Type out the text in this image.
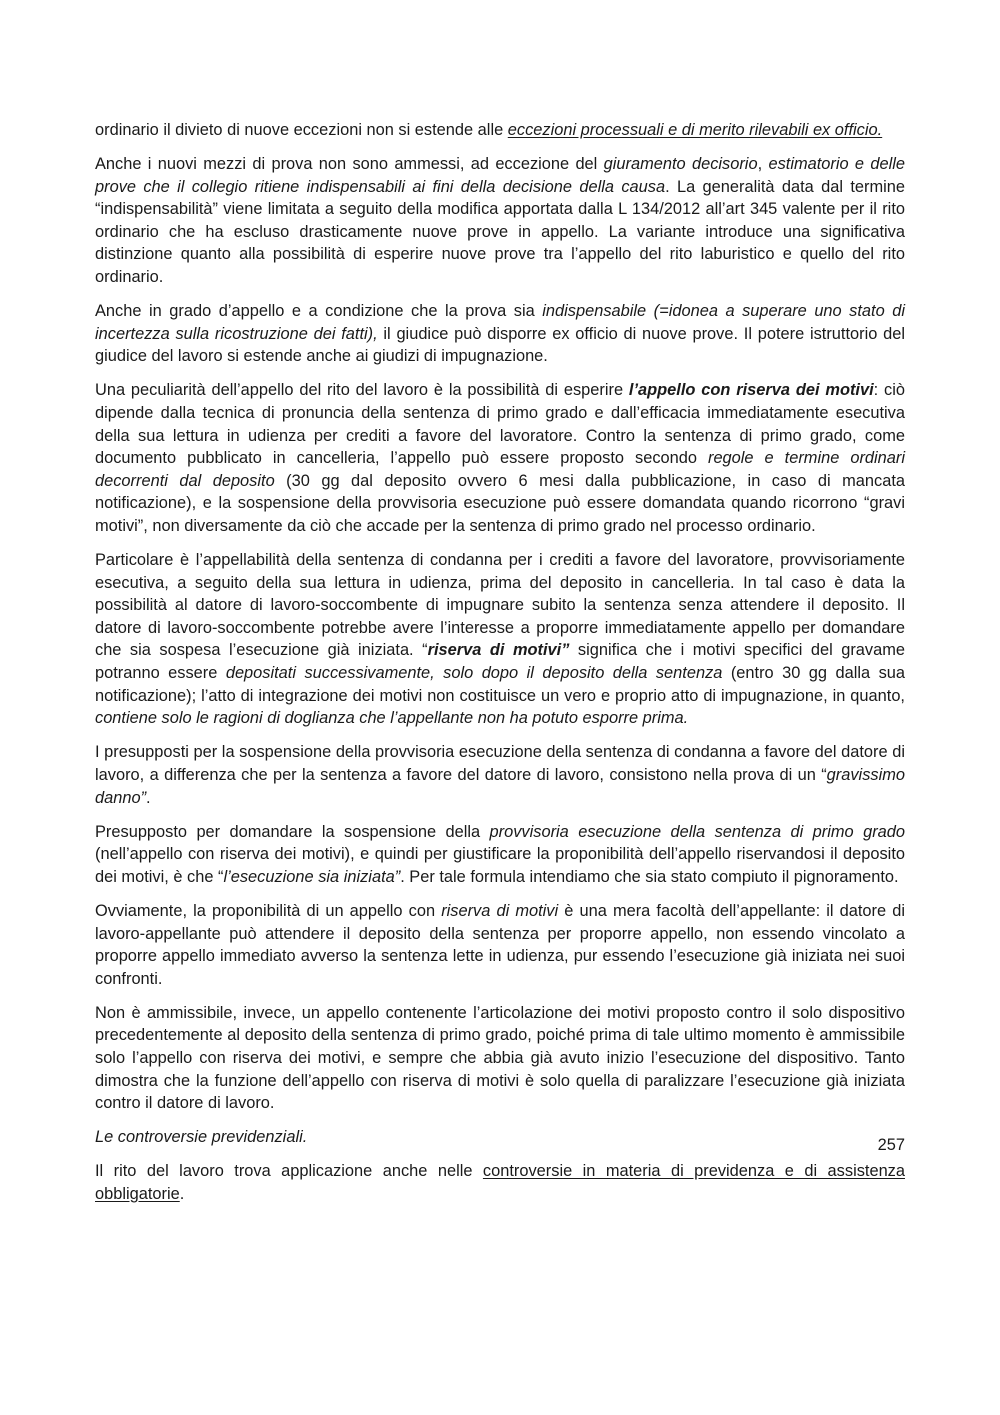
ordinario il divieto di nuove eccezioni non si estende alle eccezioni processuali e di merito rilevabili ex officio.

Anche i nuovi mezzi di prova non sono ammessi, ad eccezione del giuramento decisorio, estimatorio e delle prove che il collegio ritiene indispensabili ai fini della decisione della causa. La generalità data dal termine “indispensabilità” viene limitata a seguito della modifica apportata dalla L 134/2012 all’art 345 valente per il rito ordinario che ha escluso drasticamente nuove prove in appello. La variante introduce una significativa distinzione quanto alla possibilità di esperire nuove prove tra l’appello del rito laburistico e quello del rito ordinario.

Anche in grado d’appello e a condizione che la prova sia indispensabile (=idonea a superare uno stato di incertezza sulla ricostruzione dei fatti), il giudice può disporre ex officio di nuove prove. Il potere istruttorio del giudice del lavoro si estende anche ai giudizi di impugnazione.

Una peculiarità dell’appello del rito del lavoro è la possibilità di esperire l’appello con riserva dei motivi: ciò dipende dalla tecnica di pronuncia della sentenza di primo grado e dall’efficacia immediatamente esecutiva della sua lettura in udienza per crediti a favore del lavoratore. Contro la sentenza di primo grado, come documento pubblicato in cancelleria, l’appello può essere proposto secondo regole e termine ordinari decorrenti dal deposito (30 gg dal deposito ovvero 6 mesi dalla pubblicazione, in caso di mancata notificazione), e la sospensione della provvisoria esecuzione può essere domandata quando ricorrono “gravi motivi”, non diversamente da ciò che accade per la sentenza di primo grado nel processo ordinario.

Particolare è l’appellabilità della sentenza di condanna per i crediti a favore del lavoratore, provvisoriamente esecutiva, a seguito della sua lettura in udienza, prima del deposito in cancelleria. In tal caso è data la possibilità al datore di lavoro-soccombente di impugnare subito la sentenza senza attendere il deposito. Il datore di lavoro-soccombente potrebbe avere l’interesse a proporre immediatamente appello per domandare che sia sospesa l’esecuzione già iniziata. “riserva di motivi” significa che i motivi specifici del gravame potranno essere depositati successivamente, solo dopo il deposito della sentenza (entro 30 gg dalla sua notificazione); l’atto di integrazione dei motivi non costituisce un vero e proprio atto di impugnazione, in quanto, contiene solo le ragioni di doglianza che l’appellante non ha potuto esporre prima.

I presupposti per la sospensione della provvisoria esecuzione della sentenza di condanna a favore del datore di lavoro, a differenza che per la sentenza a favore del datore di lavoro, consistono nella prova di un “gravissimo danno”.

Presupposto per domandare la sospensione della provvisoria esecuzione della sentenza di primo grado (nell’appello con riserva dei motivi), e quindi per giustificare la proponibilità dell’appello riservandosi il deposito dei motivi, è che “l’esecuzione sia iniziata”. Per tale formula intendiamo che sia stato compiuto il pignoramento.

Ovviamente, la proponibilità di un appello con riserva di motivi è una mera facoltà dell’appellante: il datore di lavoro-appellante può attendere il deposito della sentenza per proporre appello, non essendo vincolato a proporre appello immediato avverso la sentenza lette in udienza, pur essendo l’esecuzione già iniziata nei suoi confronti.

Non è ammissibile, invece, un appello contenente l’articolazione dei motivi proposto contro il solo dispositivo precedentemente al deposito della sentenza di primo grado, poiché prima di tale ultimo momento è ammissibile solo l’appello con riserva dei motivi, e sempre che abbia già avuto inizio l’esecuzione del dispositivo. Tanto dimostra che la funzione dell’appello con riserva di motivi è solo quella di paralizzare l’esecuzione già iniziata contro il datore di lavoro.

Le controversie previdenziali.

Il rito del lavoro trova applicazione anche nelle controversie in materia di previdenza e di assistenza obbligatorie.

257
